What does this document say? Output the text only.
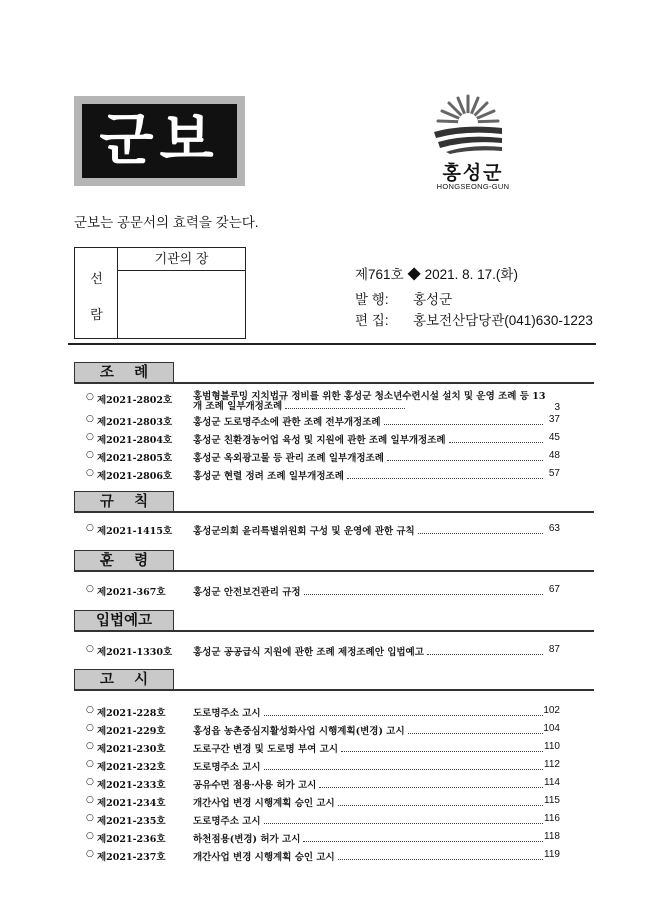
군보	홍성군
HONGSEONG-GUN
군보는 공문서의 효력을 갖는다.
선
람
기관의 장
제761호 ◆ 2021. 8. 17.(화)
발 행: 홍성군
편 집: 홍보전산담당관(041)630-1223
조    례
○ 제2021-2802호 홍범형블루밍 지치법규 정비를 위한 홍성군 청소년수련시설 설치 및 운영 조례 등 13개 조례 일부개정조례	3
○ 제2021-2803호 홍성군 도로명주소에 관한 조례 전부개정조례	37
○ 제2021-2804호 홍성군 친환경농어업 육성 및 지원에 관한 조례 일부개정조례	45
○ 제2021-2805호 홍성군 옥외광고물 등 관리 조례 일부개정조례	48
○ 제2021-2806호 홍성군 현렬 정려 조례 일부개정조례	57
규    칙
○ 제2021-1415호 홍성군의회 윤리특별위원회 구성 및 운영에 관한 규칙	63
훈    령
○ 제2021-367호	홍성군 안전보건관리 규정	67
입법예고
○ 제2021-1330호 홍성군 공공급식 지원에 관한 조례 제정조례안 입법예고	87
고    시
○ 제2021-228호	도로명주소 고시	102
○ 제2021-229호	홍성읍 농촌중심지활성화사업 시행계획(변경) 고시	104
○ 제2021-230호	도로구간 변경 및 도로명 부여 고시	110
○ 제2021-232호	도로명주소 고시	112
○ 제2021-233호	공유수면 점용·사용 허가 고시	114
○ 제2021-234호	개간사업 변경 시행계획 승인 고시	115
○ 제2021-235호	도로명주소 고시	116
○ 제2021-236호	하천점용(변경) 허가 고시	118
○ 제2021-237호	개간사업 변경 시행계획 승인 고시	119
